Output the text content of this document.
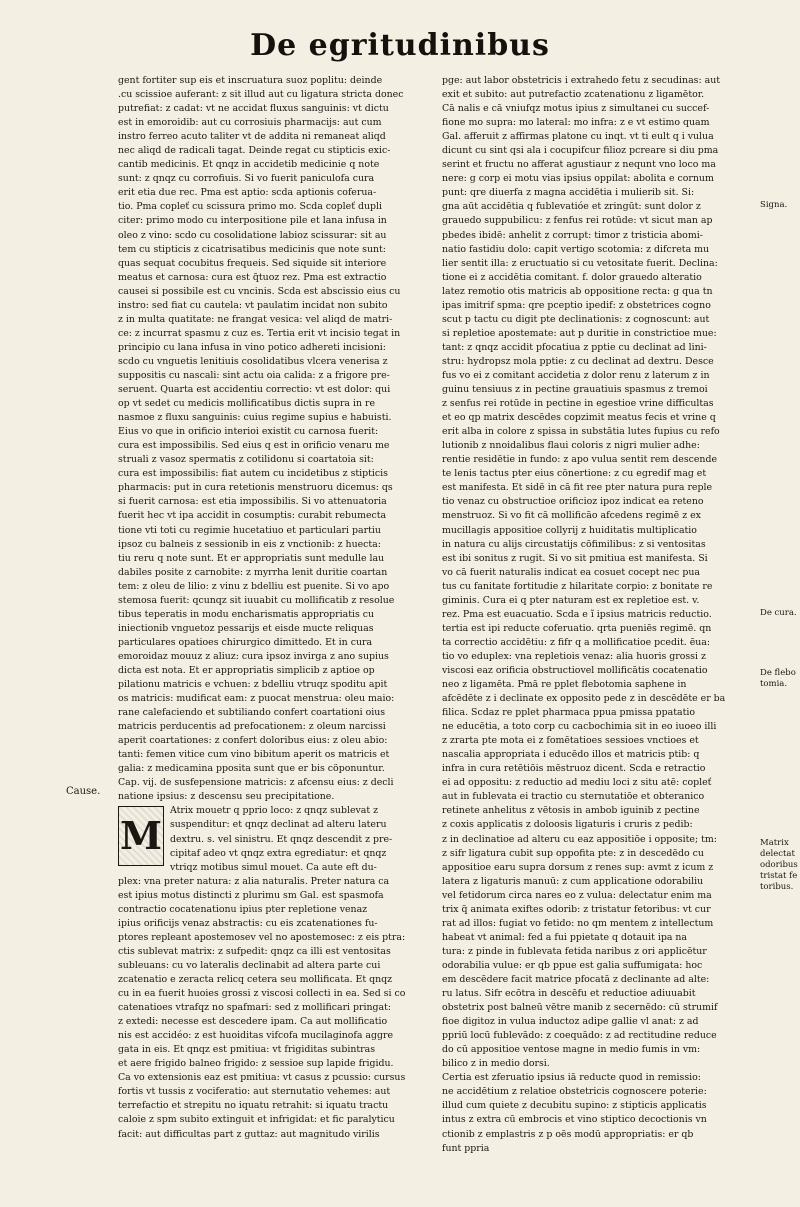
De egritudinibus
gent fortiter sup eis et inscruatura suoz poplitu: deinde
.cu scissioe auferant: z sit illud aut cu ligatura stricta donec
putrefiat: z cadat: vt ne accidat fluxus sanguinis: vt dictu
est in emoroidib: aut cu corrosiuis pharmacijs: aut cum
instro ferreo acuto taliter vt de addita ni remaneat aliqd
nec aliqd de radicali tagat. Deinde regat cu stipticis exic-
cantib medicinis. Et qnqz in accidetib medicinie q note
sunt: z qnqz cu corrofiuis. Si vo fuerit paniculofa cura
erit etia due rec. Pma est aptio: scda aptionis coferua-
tio. Pma copleť cu scissura primo mo. Scda copleť dupli
citer: primo modo cu interpositione pile et lana infusa in
oleo z vino: scdo cu cosolidatione labioz scissurar: sit au
tem cu stipticis z cicatrisatibus medicinis que note sunt:
quas sequat cocubitus frequeis. Sed siquide sit interiore
meatus et carnosa: cura est q̃tuoz rez. Pma est extractio
causei si possibile est cu vncinis. Scda est abscissio eius cu
instro: sed fiat cu cautela: vt paulatim incidat non subito
z in multa quatitate: ne frangat vesica: vel aliqd de matri-
ce: z incurrat spasmu z cuz es. Tertia erit vt incisio tegat in
principio cu lana infusa in vino potico adhereti incisioni:
scdo cu vnguetis lenitiuis cosolidatibus vlcera venerisa z
suppositis cu nascali: sint actu oia calida: z a frigore pre-
seruent. Quarta est accidentiu correctio: vt est dolor: qui
op vt sedet cu medicis mollificatibus dictis supra in re
nasmoe z fluxu sanguinis: cuius regime supius e habuisti.
Eius vo que in orificio interioi existit cu carnosa fuerit:
cura est impossibilis. Sed eius q est in orificio venaru me
struali z vasoz spermatis z cotilidonu si coartatoia sit:
cura est impossibilis: fiat autem cu incidetibus z stipticis
pharmacis: put in cura retetionis menstruoru dicemus: qs
si fuerit carnosa: est etia impossibilis. Si vo attenuatoria
fuerit hec vt ipa accidit in cosumptis: curabit rebumecta
tione vti toti cu regimie hucetatiuo et particulari partiu
ipsoz cu balneis z sessionib in eis z vnctionib: z huecta:
tiu reru q note sunt. Et er appropriatis sunt medulle lau
dabiles posite z carnobite: z myrrha lenit duritie coartan
tem: z oleu de lilio: z vinu z bdelliu est puenite. Si vo apo
stemosa fuerit: qcunqz sit iuuabit cu mollificatib z resolue
tibus teperatis in modu encharismatis appropriatis cu
iniectionib vnguetoz pessarijs et eisde mucte reliquas
particulares opatioes chirurgico dimittedo. Et in cura
emoroidaz mouuz z aliuz: cura ipsoz invirga z ano supius
dicta est nota. Et er appropriatis simplicib z aptioe op
pilationu matricis e vchuen: z bdelliu vtruqz spoditu apit
os matricis: mudificat eam: z puocat menstrua: oleu maio:
rane calefaciendo et subtiliando confert coartationi oius
matricis perducentis ad prefocationem: z oleum narcissi
aperit coartationes: z confert doloribus eius: z oleu abio:
tanti: femen vitice cum vino bibitum aperit os matricis et
galia: z medicamina pposita sunt que er bis cöponuntur.
Cap. vij. de susfepensione matricis: z afcensu eius: z decli
natione ipsius: z descensu seu precipitatione.
M
Atrix mouetr q pprio loco: z qnqz sublevat z
suspenditur: et qnqz declinat ad alteru lateru
dextru. s. vel sinistru. Et qnqz descendit z pre-
cipitaf adeo vt qnqz extra egrediatur: et qnqz
vtriqz motibus simul mouet. Ca aute eft du-
plex: vna preter natura: z alia naturalis. Preter natura ca
est ipius motus distincti z plurimu sm Gal. est spasmofa
contractio cocatenationu ipius pter repletione venaz
ipius orificijs venaz abstractis: cu eis zcatenationes fu-
ptores repleant apostemosev vel no apostemosec: z eis ptra:
ctis sublevat matrix: z sufpedit: qnqz ca illi est ventositas
subleuans: cu vo lateralis declinabit ad altera parte cui
zcatenatio e zeracta relicq cetera seu mollificata. Et qnqz
cu in ea fuerit huoies grossi z viscosi collecti in ea. Sed si co
catenatioes vtrafqz no spafmari: sed z mollificari pringat:
z extedi: necesse est descedere ipam. Ca aut mollificatio
nis est accidéo: z est huoiditas vifcofa mucilaginofa aggre
gata in eis. Et qnqz est pmitiua: vt frigiditas subintras
et aere frigido balneo frigido: z sessioe sup lapide frigidu.
Ca vo extensionis eaz est pmitiua: vt casus z pcussio: cursus
fortis vt tussis z vociferatio: aut sternutatio vehemes: aut
terrefactio et strepitu no iquatu retrahit: si iquatu tractu
caloie z spm subito extinguit et infrigidat: et fic paralyticu
facit: aut difficultas part z guttaz: aut magnitudo virilis
pge: aut labor obstetricis i extrahedo fetu z secudinas: aut
exit et subito: aut putrefactio zcatenationu z ligamētor.
Cā nalis e cā vniufqz motus ipius z simultanei cu succef-
fione mo supra: mo lateral: mo infra: z e vt estimo quam
Gal. afferuit z affirmas platone cu inqt. vt ti eult q i vulua
dicunt cu sint qsi ala i cocupifcur filioz pcreare si diu pma
serint et fructu no afferat agustiaur z nequnt vno loco ma
nere: g corp ei motu vias ipsius oppilat: abolita e cornum
punt: qre diuerfa z magna accidētia i mulierib sit. Si:
gna aūt accidētia q fublevatióe et zringūt: sunt dolor z
grauedo suppubilicu: z fenfus rei rotūde: vt sicut man ap
pbedes ibidē: anhelit z corrupt: timor z tristicia abomi-
natio fastidiu dolo: capit vertigo scotomia: z difcreta mu
lier sentit illa: z eructuatio si cu vetositate fuerit. Declina:
tione ei z accidētia comitant. f. dolor grauedo alteratio
latez remotio otis matricis ab oppositione recta: g qua tn
ipas imitrif spma: qre pceptio ipedif: z obstetrices cogno
scut p tactu cu digit pte declinationis: z cognoscunt: aut
si repletioe apostemate: aut p duritie in constrictioe mue:
tant: z qnqz accidit pfocatiua z pptie cu declinat ad lini-
stru: hydropsz mola pptie: z cu declinat ad dextru. Desce
fus vo ei z comitant accidetia z dolor renu z laterum z in
guinu tensiuus z in pectine grauatiuis spasmus z tremoi
z senfus rei rotūde in pectine in egestioe vrine difficultas
et eo qp matrix descēdes copzimit meatus fecis et vrine q
erit alba in colore z spissa in substātia lutes fupius cu refo
lutionib z nnoidalibus flaui coloris z nigri mulier adhe:
rentie residētie in fundo: z apo vulua sentit rem descende
te lenis tactus pter eius cōnertione: z cu egredif mag et
est manifesta. Et sidē in cā fit ree pter natura pura reple
tio venaz cu obstructioe orificioz ipoz indicat ea reteno
menstruoz. Si vo fit cā mollificāo afcedens regimē z ex
mucillagis appositioe collyrij z huiditatis multiplicatio
in natura cu alijs circustatijs cōfimilibus: z si ventositas
est ibi sonitus z rugit. Si vo sit pmitiua est manifesta. Si
vo cā fuerit naturalis indicat ea cosuet cocept nec pua
tus cu fanitate fortitudie z hilaritate corpio: z bonitate re
giminis. Cura ei q pter naturam est ex repletioe est. v.
rez. Pma est euacuatio. Scda e ĩ ipsius matricis reductio.
tertia est ipi reducte coferuatio. qrta pueniēs regimē. qn
ta correctio accidētiu: z fifr q a mollificatioe pcedit. ēua:
tio vo eduplex: vna repletiois venaz: alia huoris grossi z
viscosi eaz orificia obstructiovel mollificātis cocatenatio
neo z ligamēta. Pmā re pplet flebotomia saphene in
afcēdēte z i declinate ex opposito pede z in descēdēte er ba
filica. Scdaz re pplet pharmaca ppua pmissa ppatatio
ne educētia, a toto corp cu cacbochimia sit in eo iuoeo illi
z zrarta pte mota ei z fomētatioes sessioes vnctioes et
nascalia appropriata i educēdo illos et matricis ptib: q
infra in cura retētiōis mēstruoz dicent. Scda e retractio
ei ad oppositu: z reductio ad mediu loci z situ atē: copleť
aut in fublevata ei tractio cu sternutatiōe et obteranico
retinete anhelitus z vētosis in ambob iguinib z pectine
z coxis applicatis z doloosis ligaturis i cruris z pedib:
z in declinatioe ad alteru cu eaz appositiōe i opposite; tm:
z sifr ligatura cubit sup oppofita pte: z in descedēdo cu
appositioe earu supra dorsum z renes sup: avmt z icum z
latera z ligaturis manuū: z cum applicatione odorabiliu
vel fetidorum circa nares eo z vulua: delectatur enim ma
trix q̃ animata exiftes odorib: z tristatur fetoribus: vt cur
rat ad illos: fugiat vo fetido: no qm mentem z intellectum
habeat vt animal: fed a fui ppietate q dotauit ipa na
tura: z pinde in fublevata fetida naribus z ori applicētur
odorabilia vulue: er qb ppue est galia suffumigata: hoc
em descēdere facit matrice pfocatā z declinante ad alte:
ru latus. Sifr ecōtra in descēfu et reductioe adiuuabit
obstetrix post balneū vētre manib z secernēdo: cū strumif
fioe digitoz in vulua inductoz adipe gallie vl anat: z ad
ppriū locū fublevādo: z coequādo: z ad rectitudine reduce
do cū appositioe ventose magne in medio fumis in vm:
bilico z in medio dorsi.
Certia est zferuatio ipsius iā reducte quod in remissio:
ne accidētium z relatioe obstetricis cognoscere poterie:
illud cum quiete z decubitu supino: z stipticis applicatis
intus z extra cū embrocis et vino stiptico decoctionis vn
ctionib z emplastris z p oēs modū appropriatis: er qb
funt ppria
Cause.
Signa.
De cura.
De flebo tomia.
Matrix delectat odoribus tristat fe toribus.
